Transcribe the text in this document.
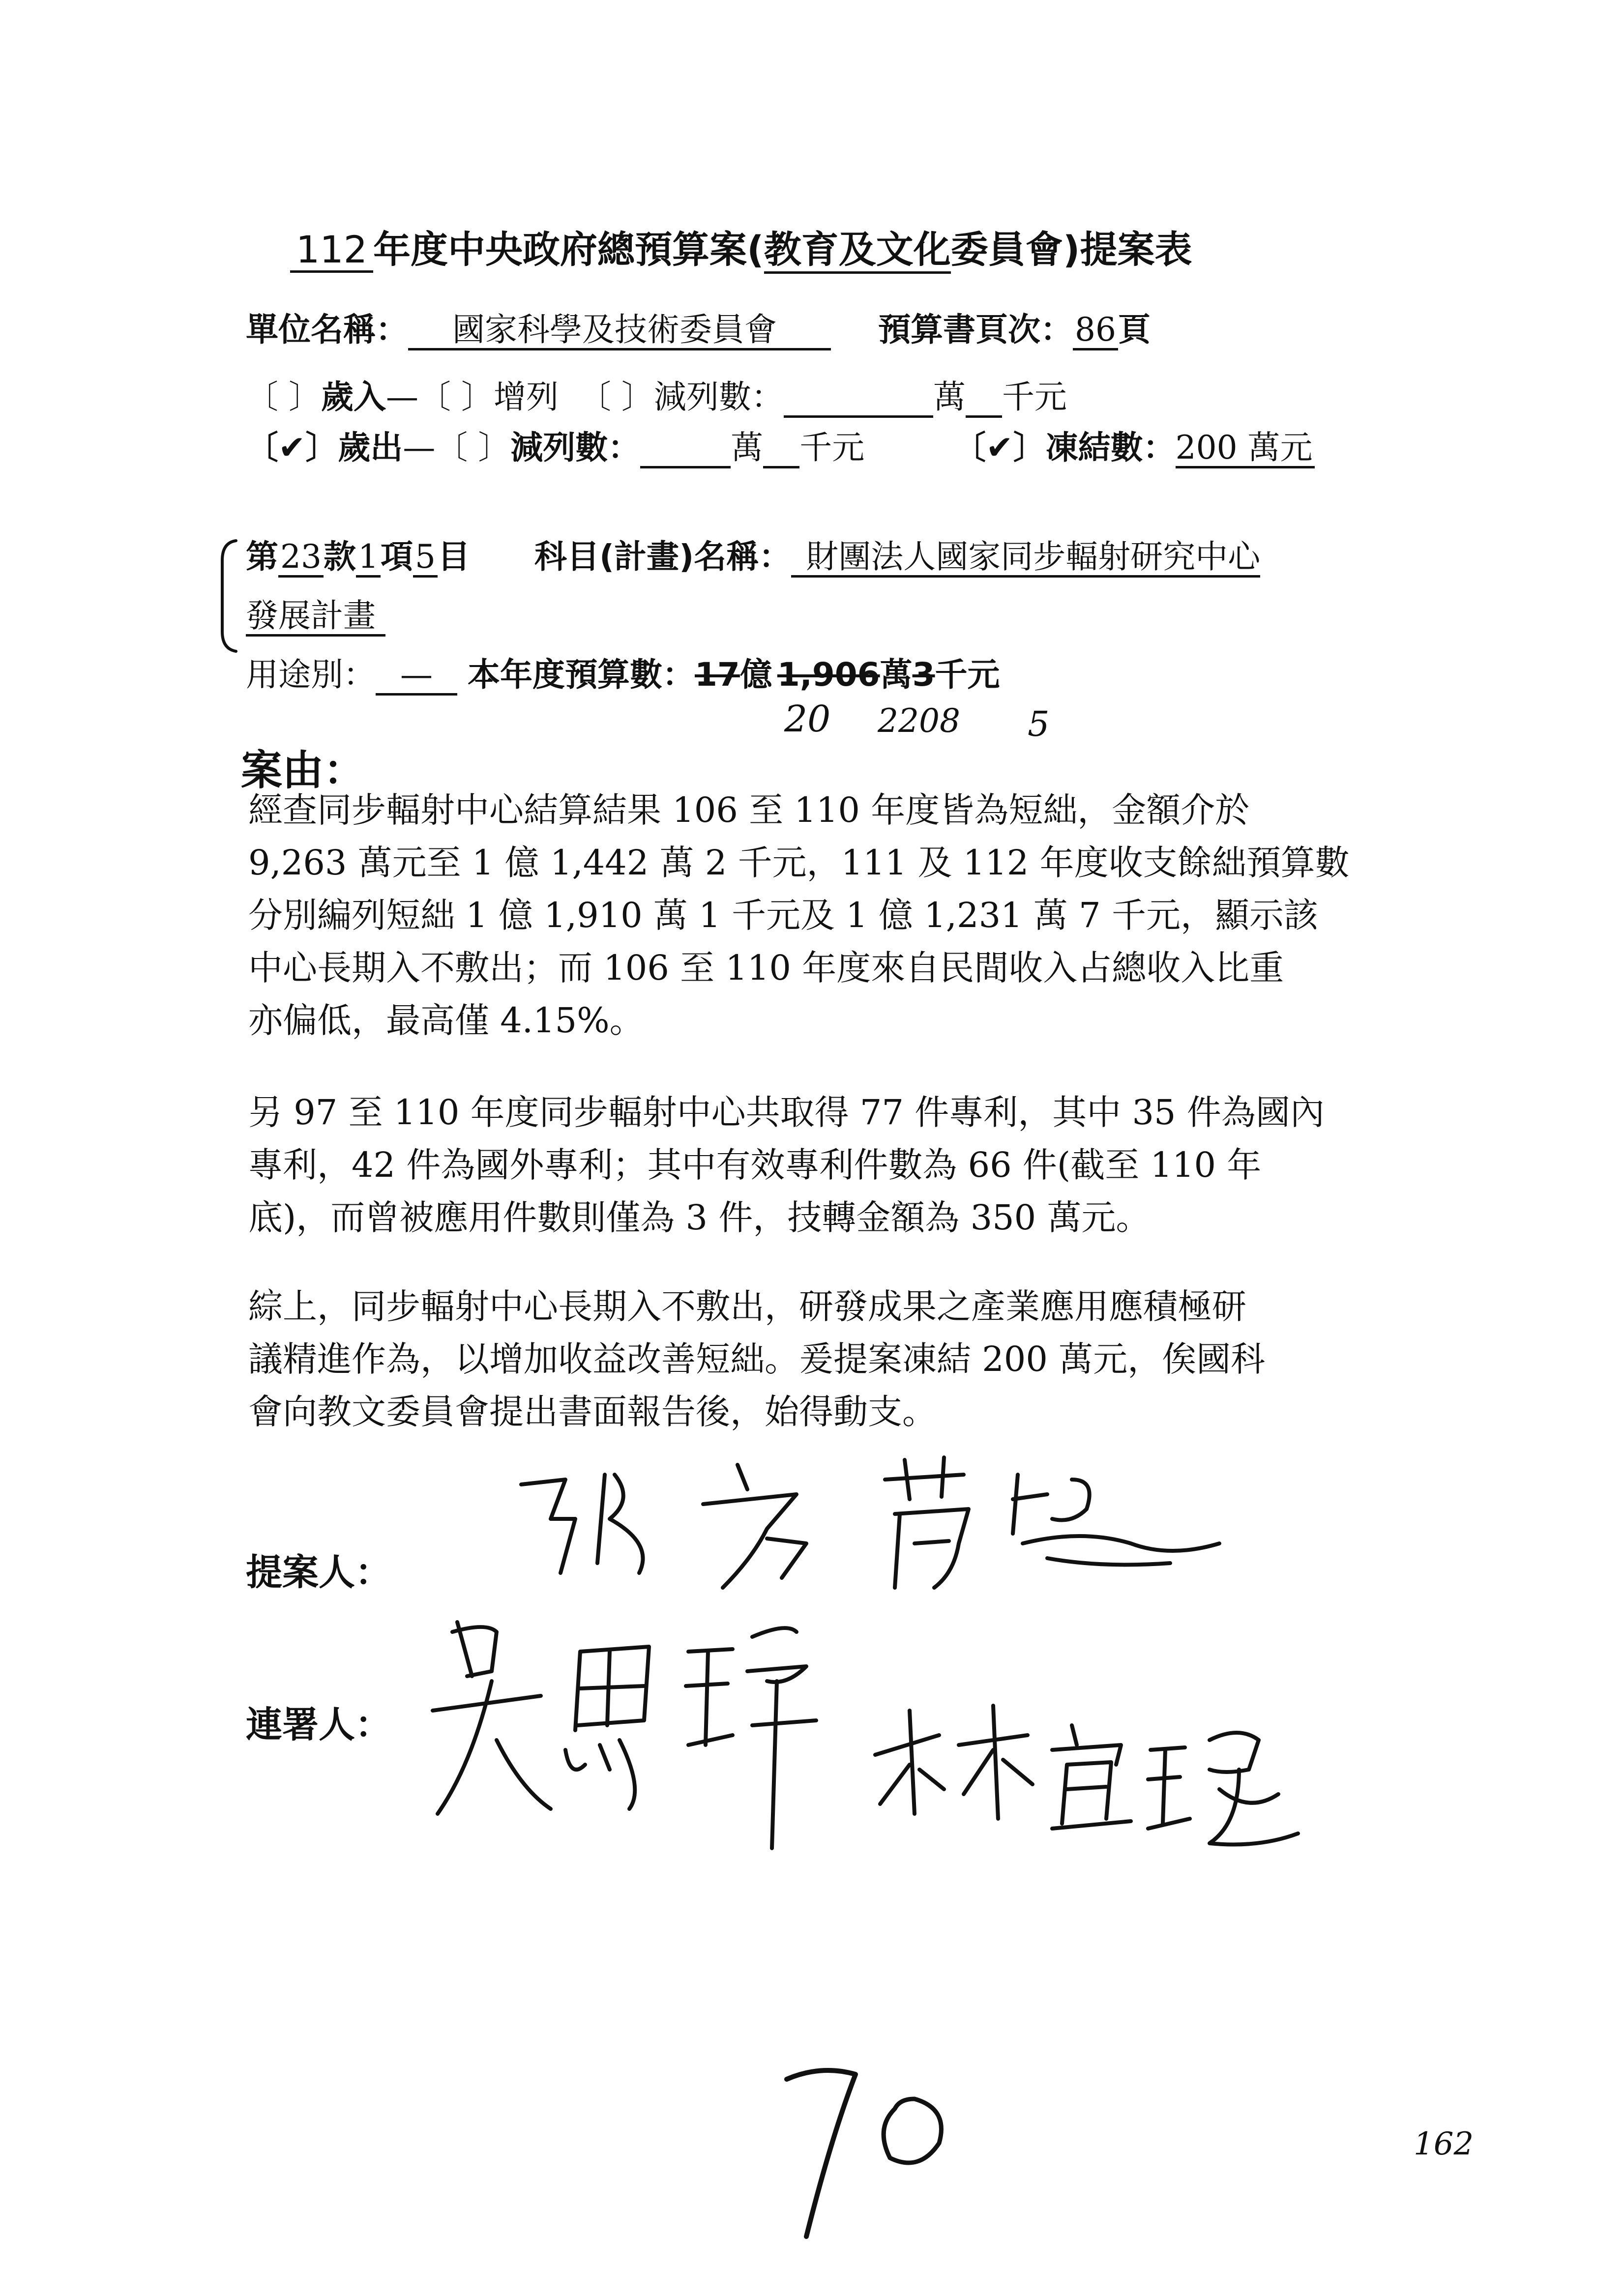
112 年度中央政府總預算案(教育及文化委員會)提案表
單位名稱： 國家科學及技術委員會	預算書頁次：86頁
〔 〕歲入—〔 〕增列 〔 〕減列數：	萬 千元
〔✔〕歲出—〔 〕減列數：	萬 千元	〔✔〕凍結數：200 萬元
第23款1項5目 科目(計畫)名稱： 財團法人國家同步輻射研究中心
發展計畫
用途別： — 本年度預算數：17億 1,906萬3千元
20 2208 5
案由：
經查同步輻射中心結算結果 106 至 110 年度皆為短絀，金額介於
9,263 萬元至 1 億 1,442 萬 2 千元，111 及 112 年度收支餘絀預算數
分別編列短絀 1 億 1,910 萬 1 千元及 1 億 1,231 萬 7 千元，顯示該
中心長期入不敷出；而 106 至 110 年度來自民間收入占總收入比重
亦偏低，最高僅 4.15%。
另 97 至 110 年度同步輻射中心共取得 77 件專利，其中 35 件為國內
專利，42 件為國外專利；其中有效專利件數為 66 件(截至 110 年
底)，而曾被應用件數則僅為 3 件，技轉金額為 350 萬元。
綜上，同步輻射中心長期入不敷出，研發成果之產業應用應積極研
議精進作為，以增加收益改善短絀。爰提案凍結 200 萬元，俟國科
會向教文委員會提出書面報告後，始得動支。
提案人：
連署人：
162
